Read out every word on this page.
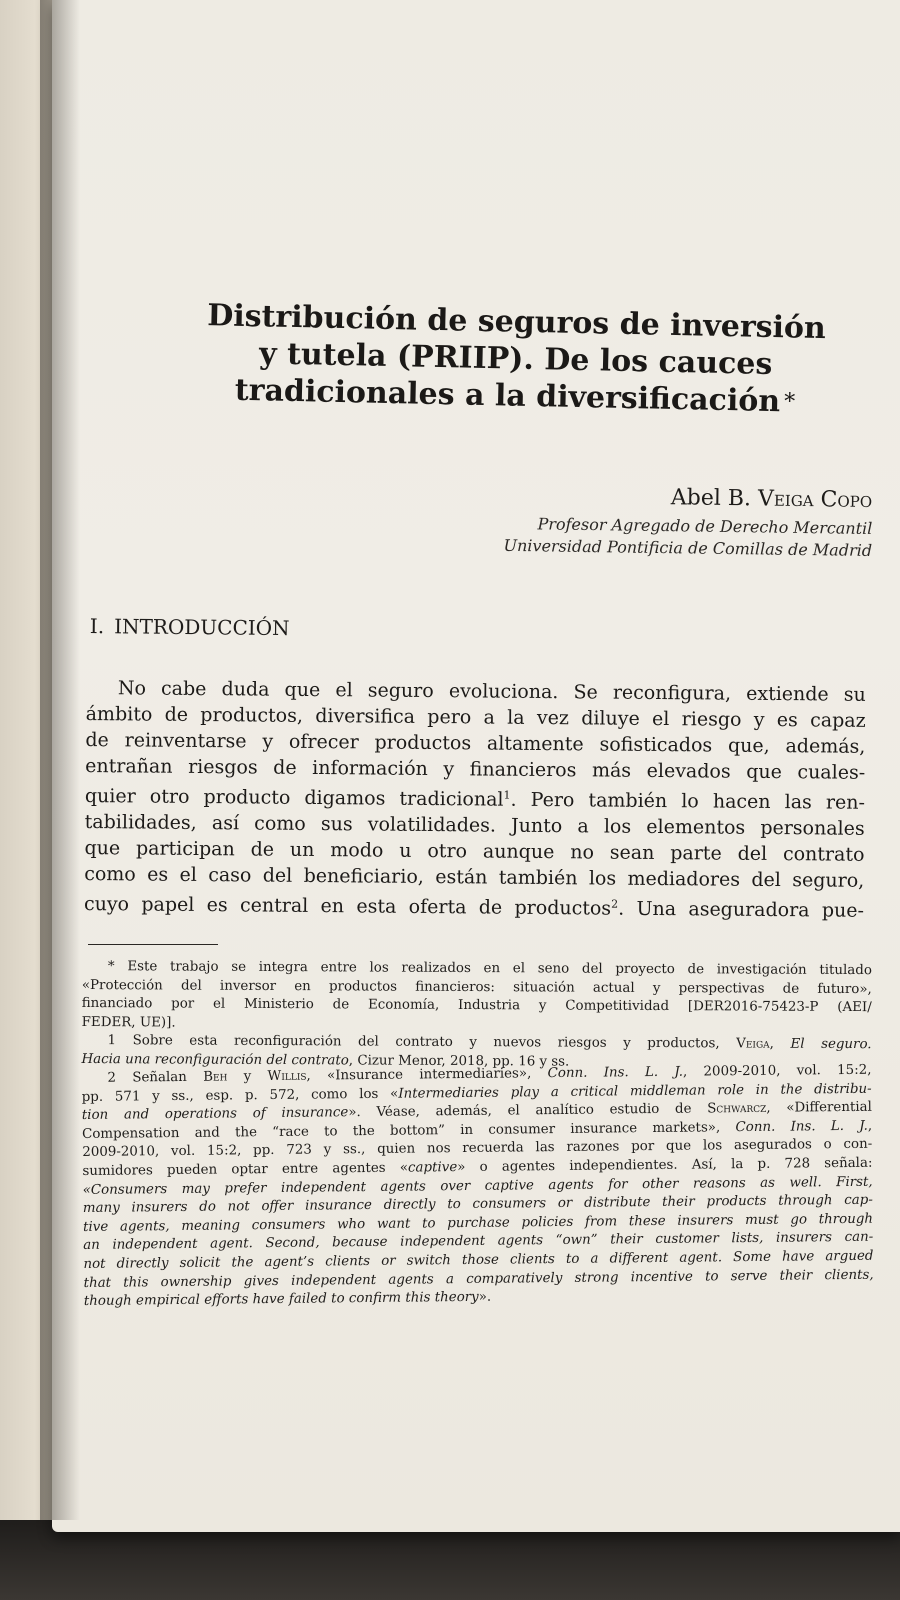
Distribución de seguros de inversión
y tutela (PRIIP). De los cauces
tradicionales a la diversificación *
Abel B. Veiga Copo
Profesor Agregado de Derecho Mercantil
Universidad Pontificia de Comillas de Madrid
I. INTRODUCCIÓN
No cabe duda que el seguro evoluciona. Se reconfigura, extiende su
ámbito de productos, diversifica pero a la vez diluye el riesgo y es capaz
de reinventarse y ofrecer productos altamente sofisticados que, además,
entrañan riesgos de información y financieros más elevados que cuales-
quier otro producto digamos tradicional$^1$. Pero también lo hacen las ren-
tabilidades, así como sus volatilidades. Junto a los elementos personales
que participan de un modo u otro aunque no sean parte del contrato
como es el caso del beneficiario, están también los mediadores del seguro,
cuyo papel es central en esta oferta de productos$^2$. Una aseguradora pue-
* Este trabajo se integra entre los realizados en el seno del proyecto de investigación titulado
«Protección del inversor en productos financieros: situación actual y perspectivas de futuro»,
financiado por el Ministerio de Economía, Industria y Competitividad [DER2016-75423-P (AEI/
FEDER, UE)].
1 Sobre esta reconfiguración del contrato y nuevos riesgos y productos, Veiga, El seguro.
Hacia una reconfiguración del contrato, Cizur Menor, 2018, pp. 16 y ss.
2 Señalan Beh y Willis, «Insurance intermediaries», Conn. Ins. L. J., 2009-2010, vol. 15:2,
pp. 571 y ss., esp. p. 572, como los «Intermediaries play a critical middleman role in the distribu-
tion and operations of insurance». Véase, además, el analítico estudio de Schwarcz, «Differential
Compensation and the “race to the bottom” in consumer insurance markets», Conn. Ins. L. J.,
2009-2010, vol. 15:2, pp. 723 y ss., quien nos recuerda las razones por que los asegurados o con-
sumidores pueden optar entre agentes «captive» o agentes independientes. Así, la p. 728 señala:
«Consumers may prefer independent agents over captive agents for other reasons as well. First,
many insurers do not offer insurance directly to consumers or distribute their products through cap-
tive agents, meaning consumers who want to purchase policies from these insurers must go through
an independent agent. Second, because independent agents “own” their customer lists, insurers can-
not directly solicit the agent’s clients or switch those clients to a different agent. Some have argued
that this ownership gives independent agents a comparatively strong incentive to serve their clients,
though empirical efforts have failed to confirm this theory».
